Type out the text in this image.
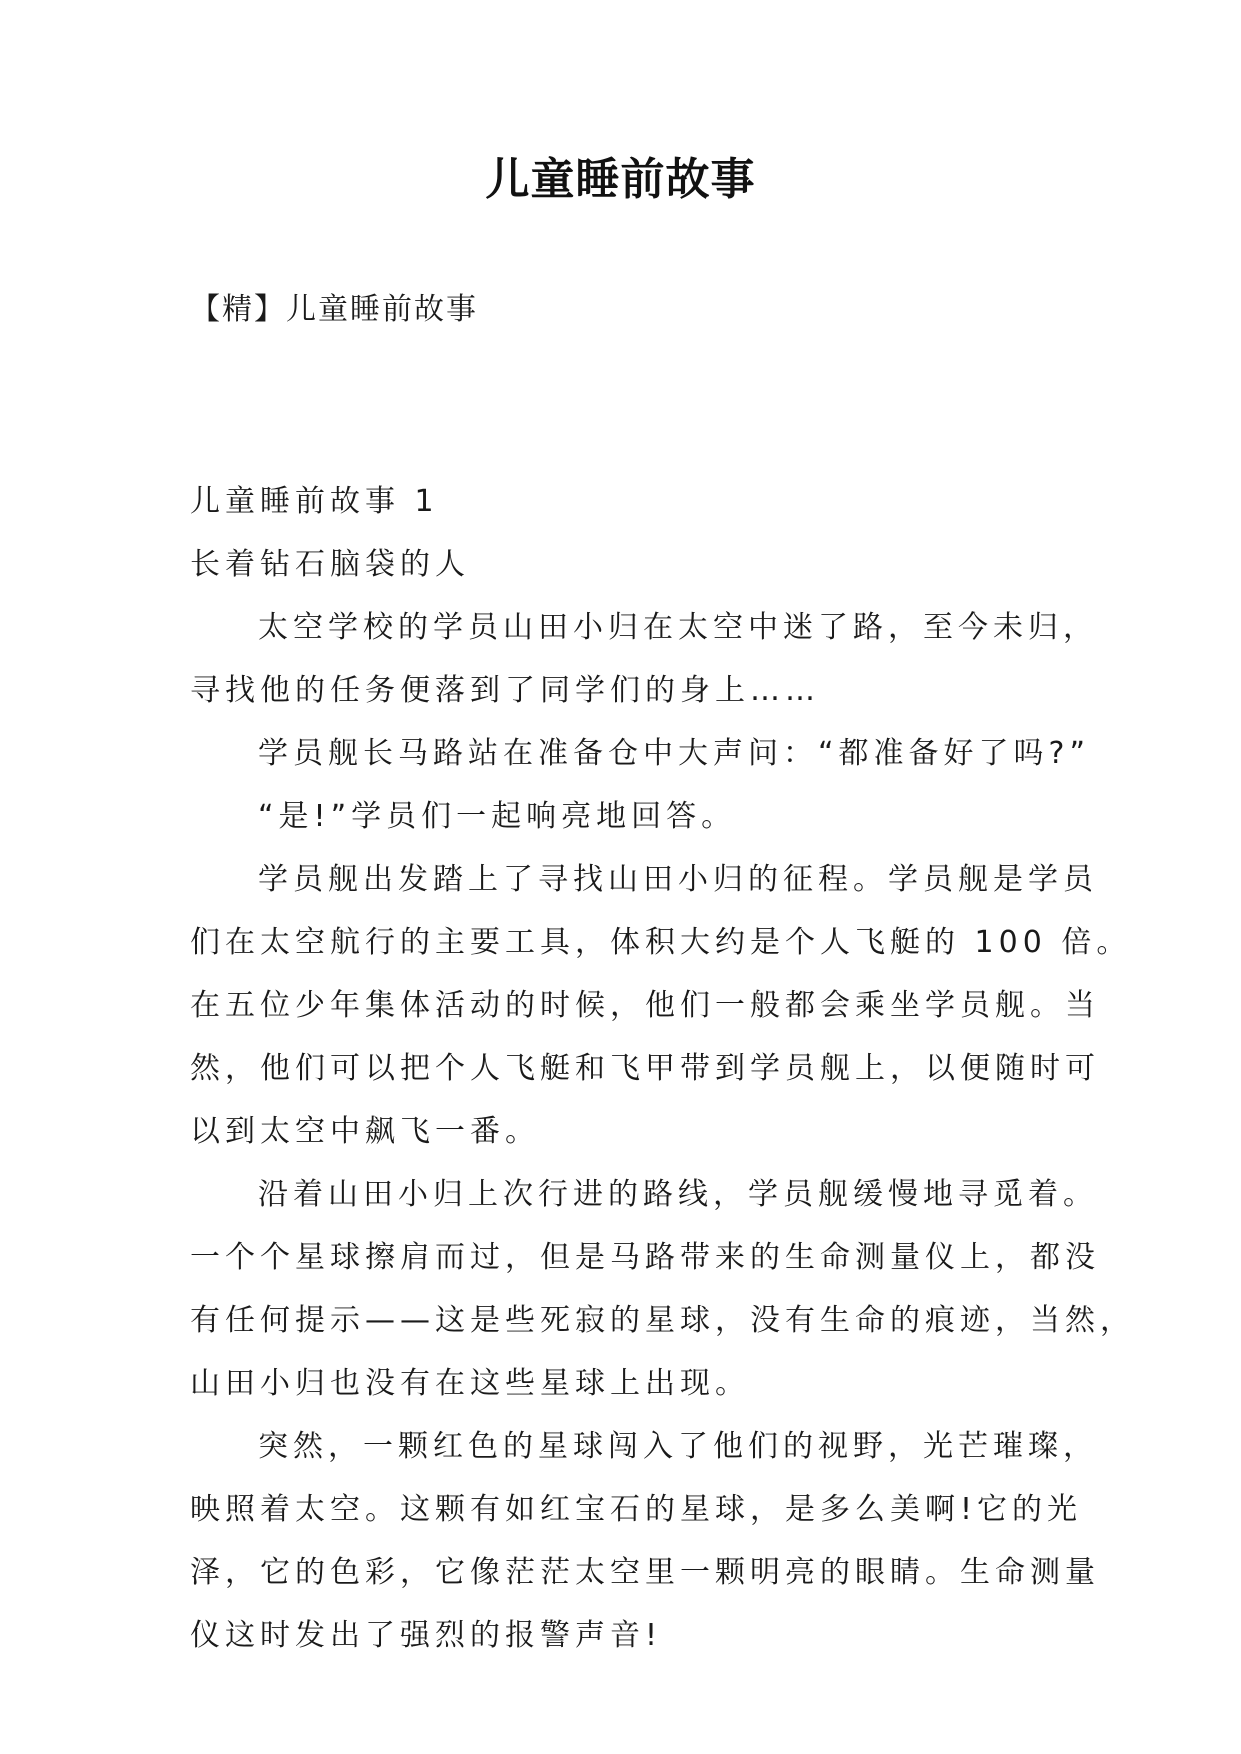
儿童睡前故事
【精】儿童睡前故事

儿童睡前故事 1

长着钻石脑袋的人

太空学校的学员山田小归在太空中迷了路，至今未归，
寻找他的任务便落到了同学们的身上……

学员舰长马路站在准备仓中大声问：“都准备好了吗?”

“是!”学员们一起响亮地回答。

学员舰出发踏上了寻找山田小归的征程。学员舰是学员
们在太空航行的主要工具，体积大约是个人飞艇的 100 倍。
在五位少年集体活动的时候，他们一般都会乘坐学员舰。当
然，他们可以把个人飞艇和飞甲带到学员舰上，以便随时可
以到太空中飙飞一番。

沿着山田小归上次行进的路线，学员舰缓慢地寻觅着。
一个个星球擦肩而过，但是马路带来的生命测量仪上，都没
有任何提示——这是些死寂的星球，没有生命的痕迹，当然，
山田小归也没有在这些星球上出现。

突然，一颗红色的星球闯入了他们的视野，光芒璀璨，
映照着太空。这颗有如红宝石的星球，是多么美啊!它的光
泽，它的色彩，它像茫茫太空里一颗明亮的眼睛。生命测量
仪这时发出了强烈的报警声音!
